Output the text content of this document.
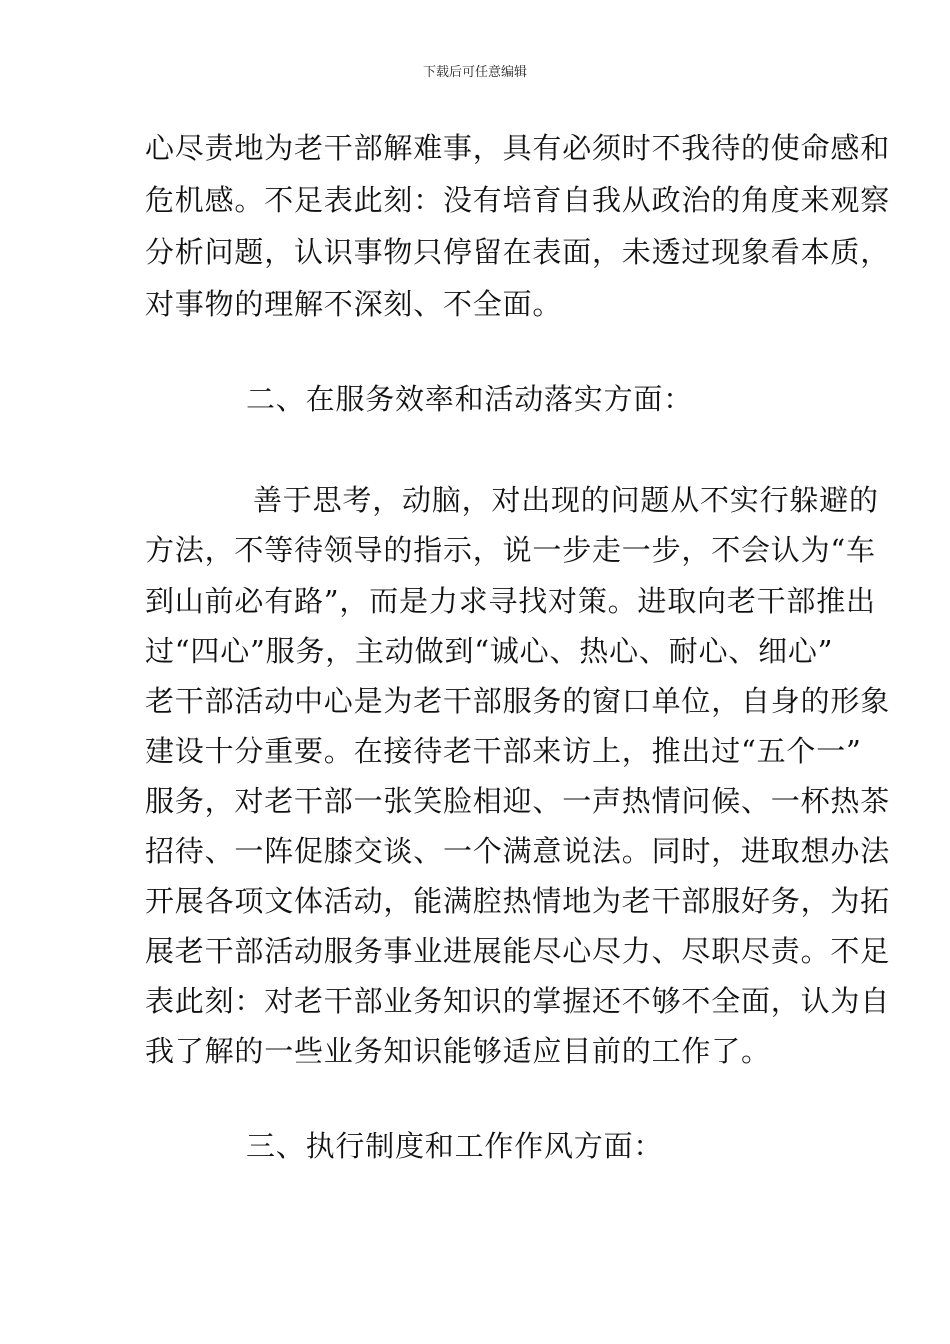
下载后可任意编辑
心尽责地为老干部解难事，具有必须时不我待的使命感和
危机感。不足表此刻：没有培育自我从政治的角度来观察
分析问题，认识事物只停留在表面，未透过现象看本质，
对事物的理解不深刻、不全面。
二、在服务效率和活动落实方面：
善于思考，动脑，对出现的问题从不实行躲避的
方法，不等待领导的指示，说一步走一步，不会认为“车
到山前必有路”，而是力求寻找对策。进取向老干部推出
过“四心”服务，主动做到“诚心、热心、耐心、细心”
老干部活动中心是为老干部服务的窗口单位，自身的形象
建设十分重要。在接待老干部来访上，推出过“五个一”
服务，对老干部一张笑脸相迎、一声热情问候、一杯热茶
招待、一阵促膝交谈、一个满意说法。同时，进取想办法
开展各项文体活动，能满腔热情地为老干部服好务，为拓
展老干部活动服务事业进展能尽心尽力、尽职尽责。不足
表此刻：对老干部业务知识的掌握还不够不全面，认为自
我了解的一些业务知识能够适应目前的工作了。
三、执行制度和工作作风方面：
